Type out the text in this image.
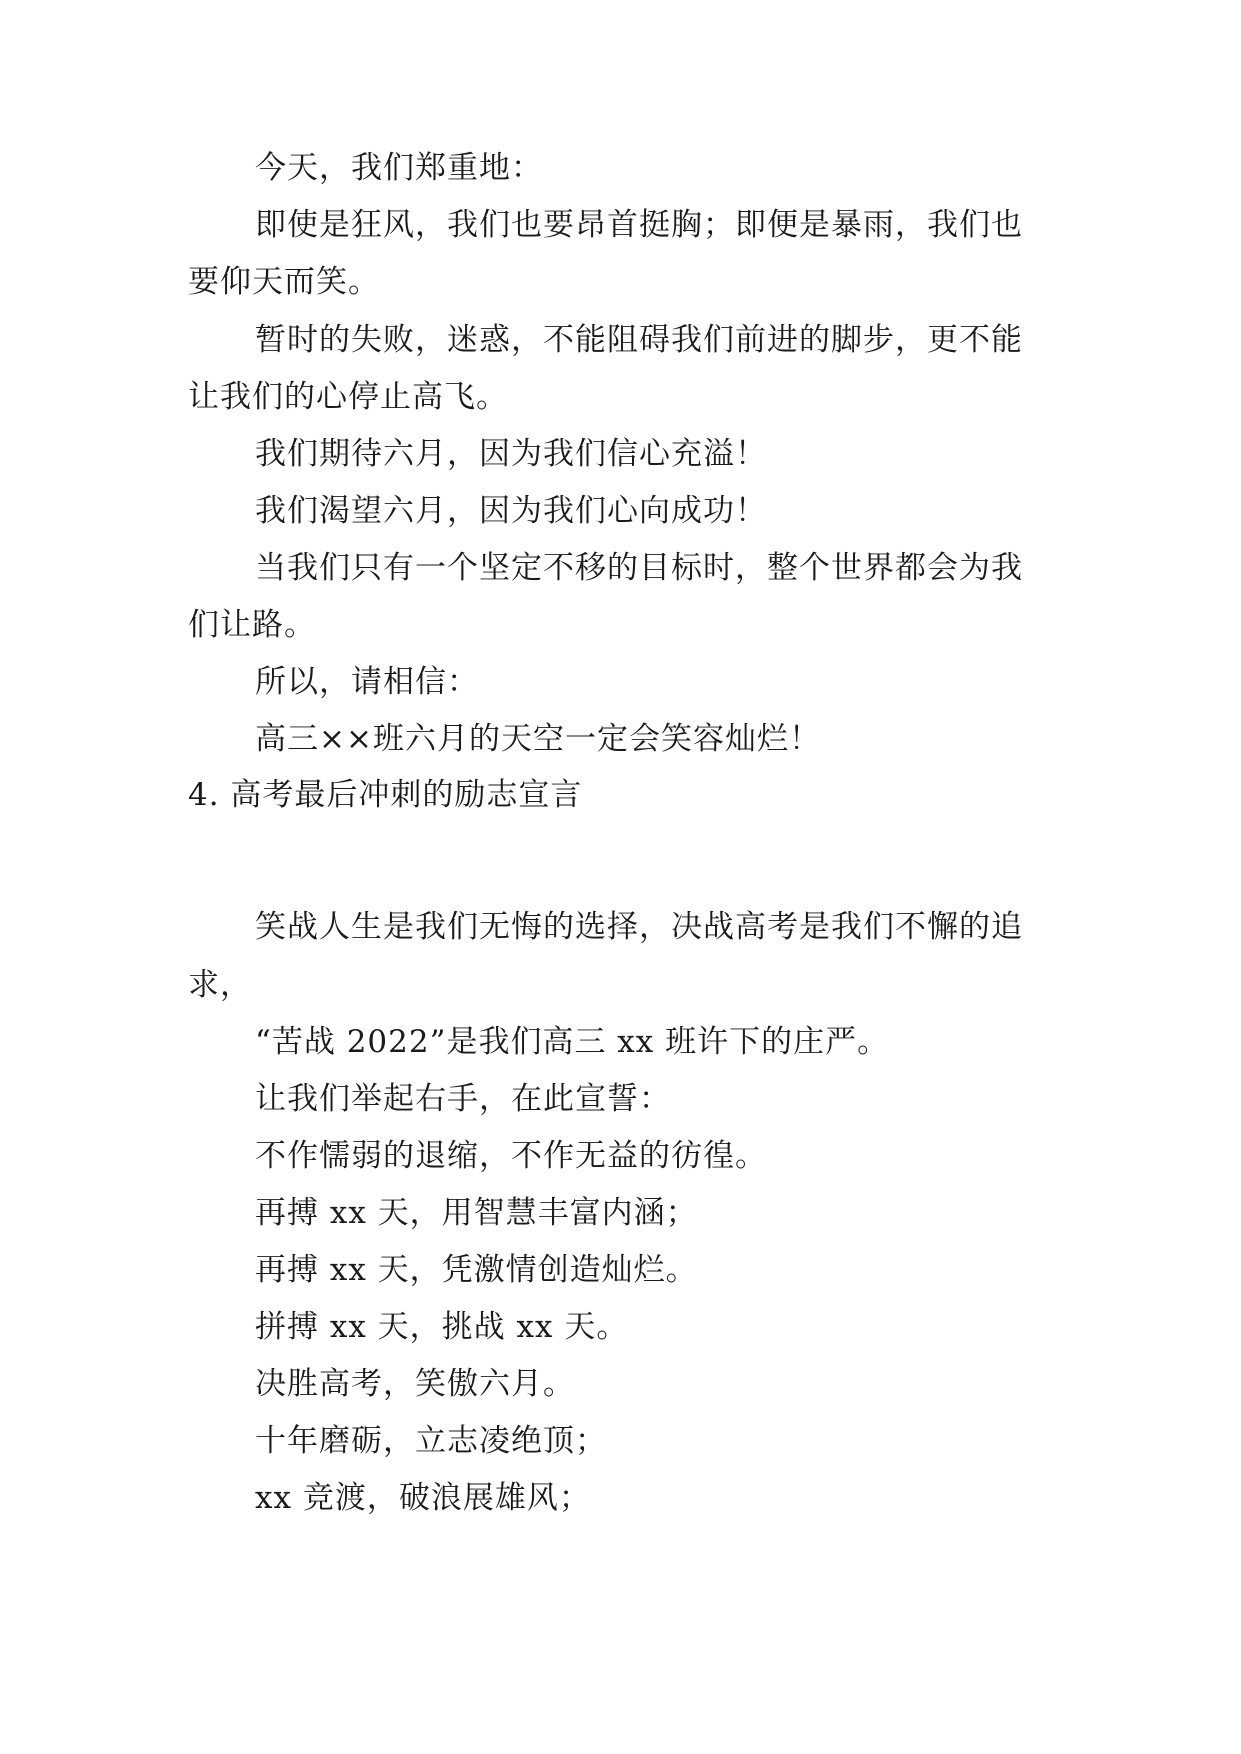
今天，我们郑重地：
即使是狂风，我们也要昂首挺胸；即便是暴雨，我们也
要仰天而笑。
暂时的失败，迷惑，不能阻碍我们前进的脚步，更不能
让我们的心停止高飞。
我们期待六月，因为我们信心充溢！
我们渴望六月，因为我们心向成功！
当我们只有一个坚定不移的目标时，整个世界都会为我
们让路。
所以，请相信：
高三××班六月的天空一定会笑容灿烂！
4. 高考最后冲刺的励志宣言
笑战人生是我们无悔的选择，决战高考是我们不懈的追
求，
“苦战 2022”是我们高三 xx 班许下的庄严。
让我们举起右手，在此宣誓：
不作懦弱的退缩，不作无益的彷徨。
再搏 xx 天，用智慧丰富内涵；
再搏 xx 天，凭激情创造灿烂。
拼搏 xx 天，挑战 xx 天。
决胜高考，笑傲六月。
十年磨砺，立志凌绝顶；
xx 竞渡，破浪展雄风；
